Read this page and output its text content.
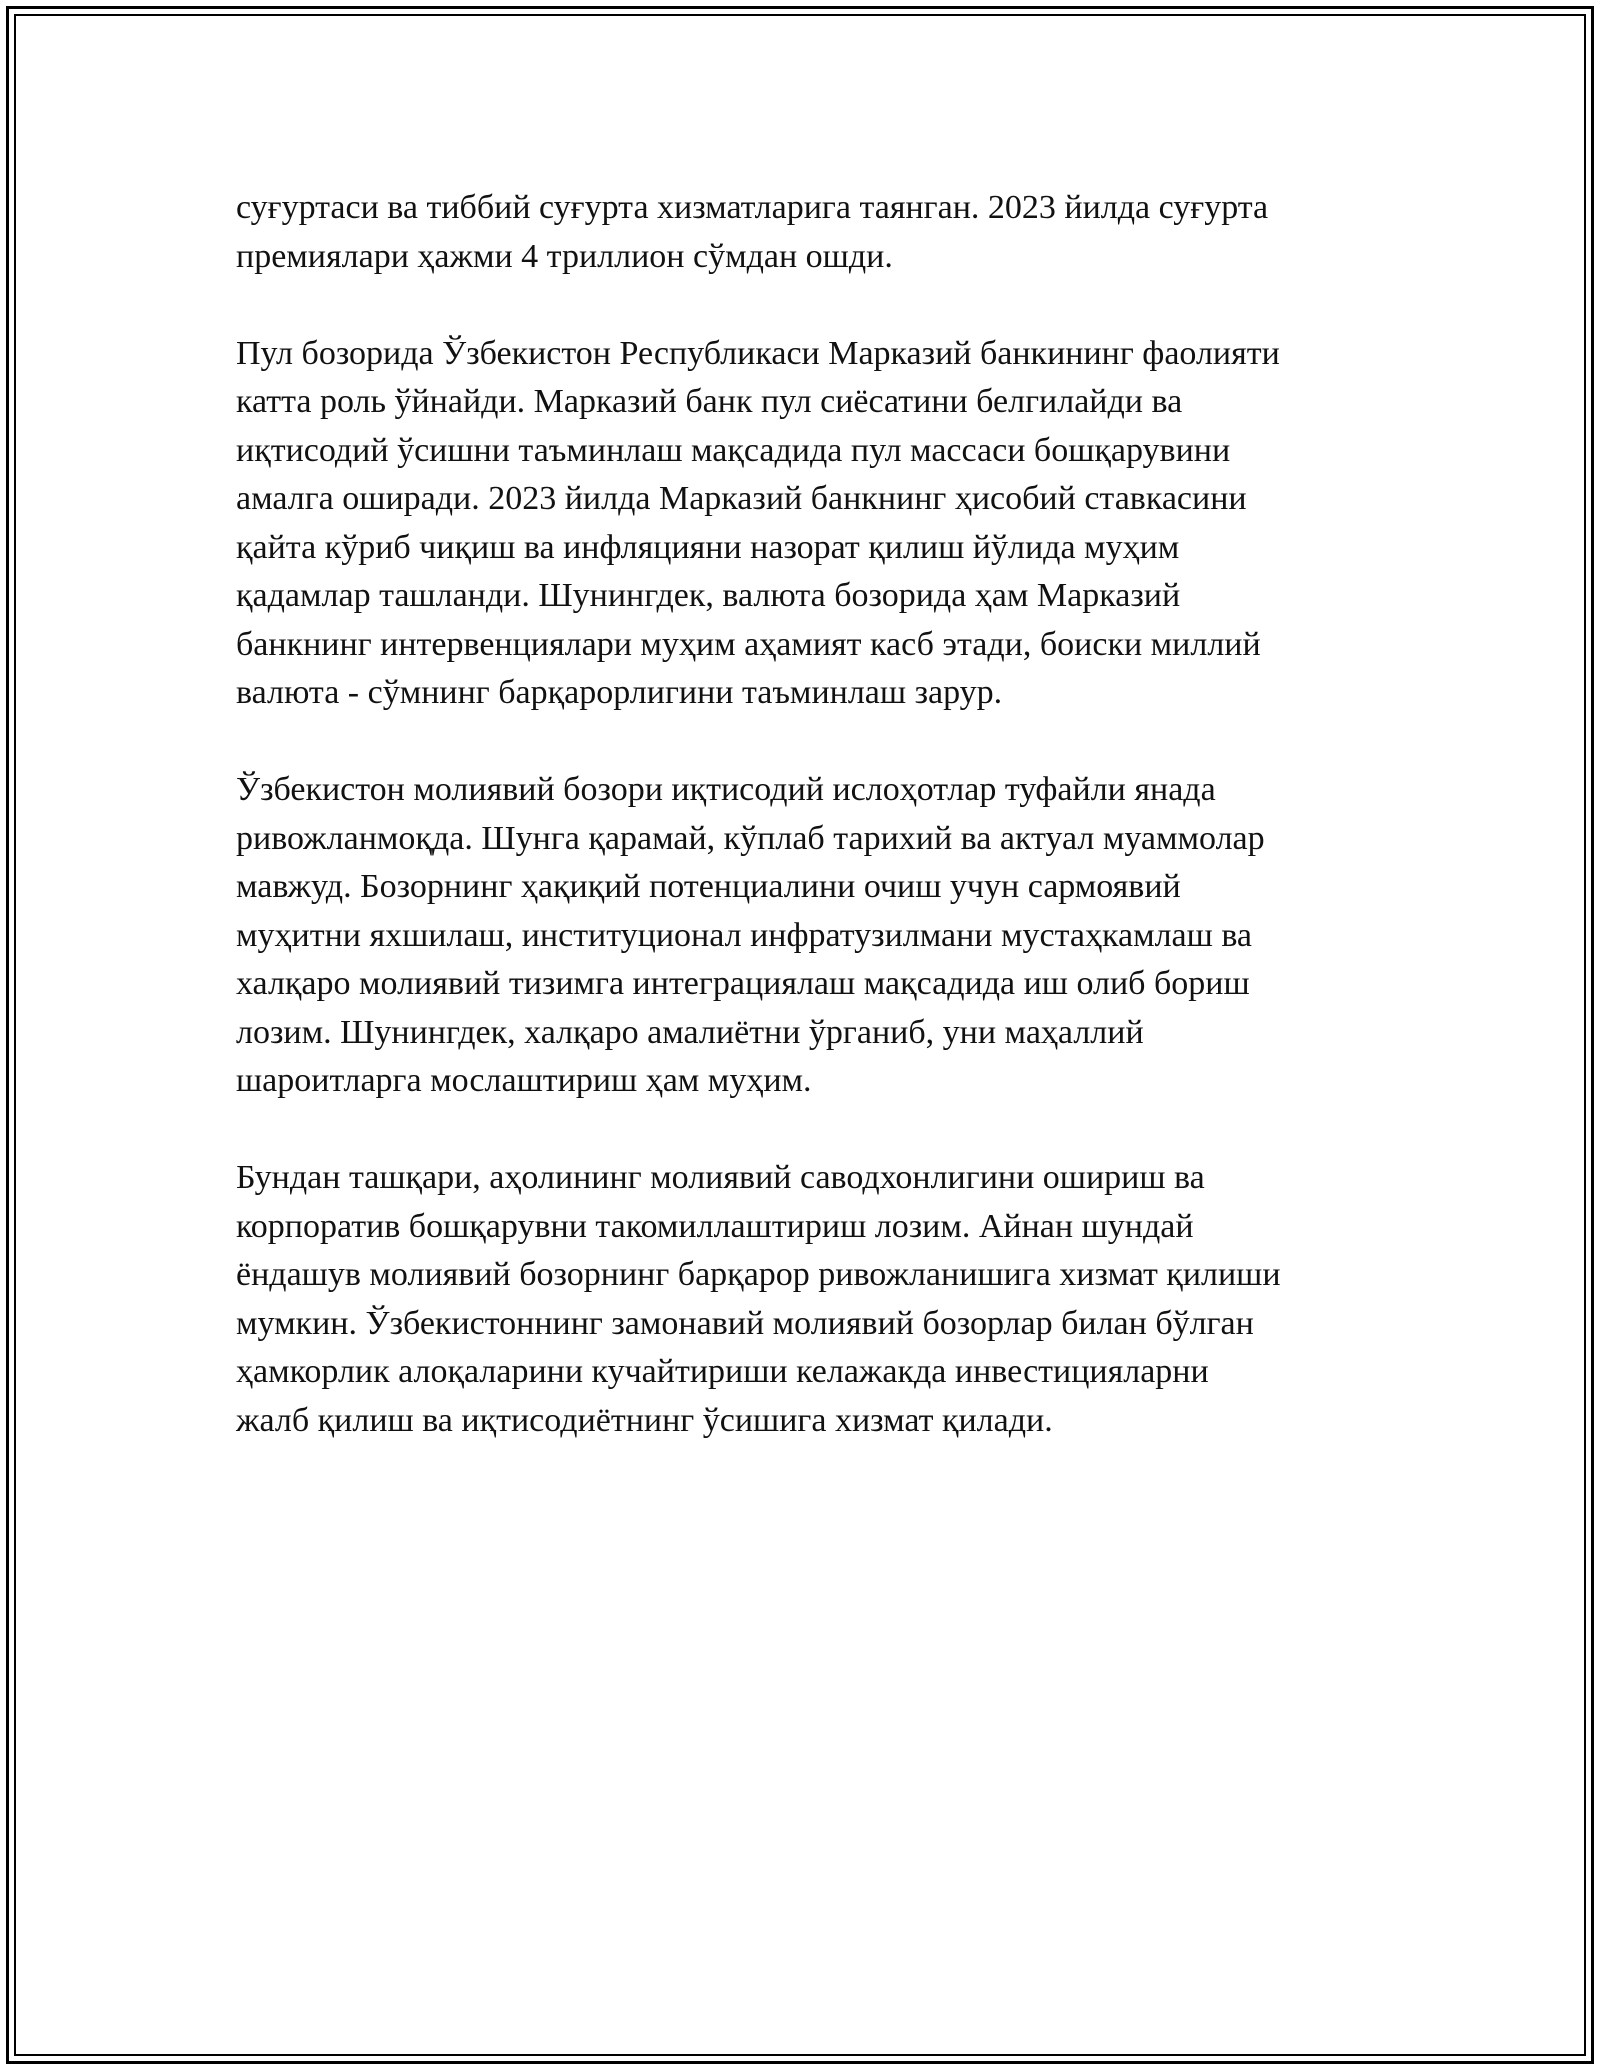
суғуртаси ва тиббий суғурта хизматларига таянган. 2023 йилда суғурта
премиялари ҳажми 4 триллион сўмдан ошди.

Пул бозорида Ўзбекистон Республикаси Марказий банкининг фаолияти
катта роль ўйнайди. Марказий банк пул сиёсатини белгилайди ва
иқтисодий ўсишни таъминлаш мақсадида пул массаси бошқарувини
амалга оширади. 2023 йилда Марказий банкнинг ҳисобий ставкасини
қайта кўриб чиқиш ва инфляцияни назорат қилиш йўлида муҳим
қадамлар ташланди. Шунингдек, валюта бозорида ҳам Марказий
банкнинг интервенциялари муҳим аҳамият касб этади, боиски миллий
валюта - сўмнинг барқарорлигини таъминлаш зарур.

Ўзбекистон молиявий бозори иқтисодий ислоҳотлар туфайли янада
ривожланмоқда. Шунга қарамай, кўплаб тарихий ва актуал муаммолар
мавжуд. Бозорнинг ҳақиқий потенциалини очиш учун сармоявий
муҳитни яхшилаш, институционал инфратузилмани мустаҳкамлаш ва
халқаро молиявий тизимга интеграциялаш мақсадида иш олиб бориш
лозим. Шунингдек, халқаро амалиётни ўрганиб, уни маҳаллий
шароитларга мослаштириш ҳам муҳим.

Бундан ташқари, аҳолининг молиявий саводхонлигини ошириш ва
корпоратив бошқарувни такомиллаштириш лозим. Айнан шундай
ёндашув молиявий бозорнинг барқарор ривожланишига хизмат қилиши
мумкин. Ўзбекистоннинг замонавий молиявий бозорлар билан бўлган
ҳамкорлик алоқаларини кучайтириши келажакда инвестицияларни
жалб қилиш ва иқтисодиётнинг ўсишига хизмат қилади.
